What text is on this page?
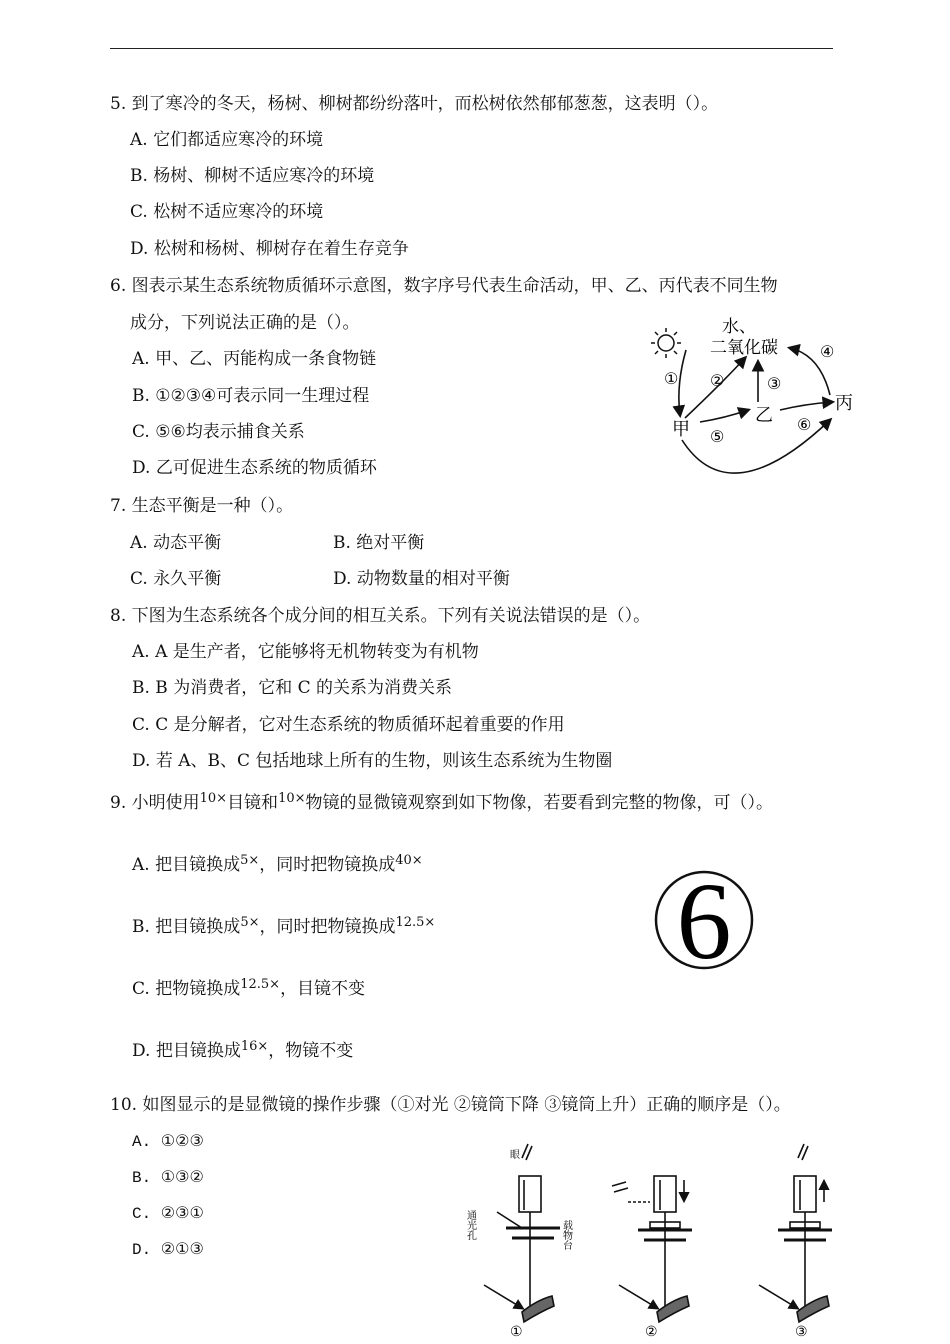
5. 到了寒冷的冬天，杨树、柳树都纷纷落叶，而松树依然郁郁葱葱，这表明（）。
A. 它们都适应寒冷的环境
B. 杨树、柳树不适应寒冷的环境
C. 松树不适应寒冷的环境
D. 松树和杨树、柳树存在着生存竞争
6. 图表示某生态系统物质循环示意图，数字序号代表生命活动，甲、乙、丙代表不同生物
成分，下列说法正确的是（）。
A. 甲、乙、丙能构成一条食物链
B. ①②③④可表示同一生理过程
C. ⑤⑥均表示捕食关系
D. 乙可促进生态系统的物质循环
水、
二氧化碳
① ②	③
④
⑤
⑥
甲
乙
丙
7. 生态平衡是一种（）。
A. 动态平衡	B. 绝对平衡
C. 永久平衡	D. 动物数量的相对平衡
8. 下图为生态系统各个成分间的相互关系。下列有关说法错误的是（）。
A. A 是生产者，它能够将无机物转变为有机物
B. B 为消费者，它和 C 的关系为消费关系
C. C 是分解者，它对生态系统的物质循环起着重要的作用
D. 若 A、B、C 包括地球上所有的生物，则该生态系统为生物圈
9. 小明使用$^{10\times}$目镜和$^{10\times}$物镜的显微镜观察到如下物像，若要看到完整的物像，可（）。
A. 把目镜换成$^{5\times}$，同时把物镜换成$^{40\times}$
B. 把目镜换成$^{5\times}$，同时把物镜换成$^{12.5\times}$
C. 把物镜换成$^{12.5\times}$，目镜不变
D. 把目镜换成$^{16\times}$，物镜不变
6
10. 如图显示的是显微镜的操作步骤（①对光 ②镜筒下降 ③镜筒上升）正确的顺序是（）。
A. ①②③
B. ①③②
C. ②③①
D. ②①③
眼
通光孔	载物台
①	②	③
